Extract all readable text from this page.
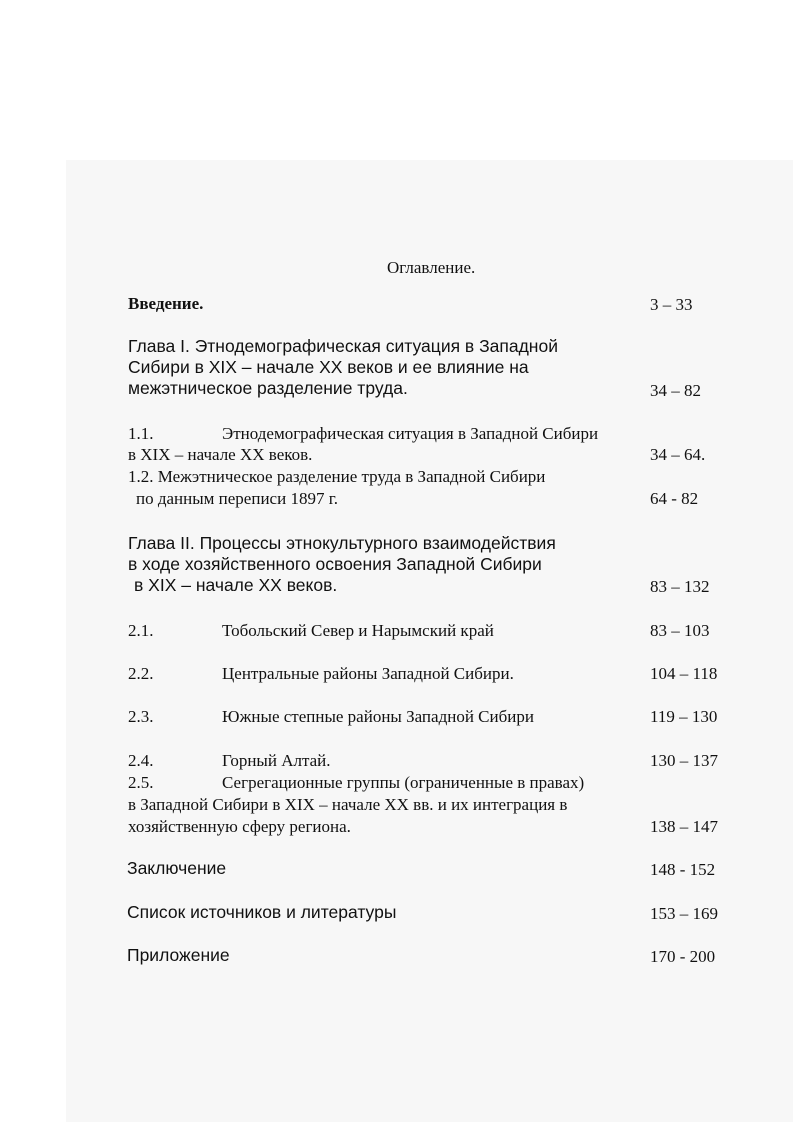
Оглавление.
Введение.	3 – 33
Глава I. Этнодемографическая ситуация в Западной
Сибири в XIX – начале XX веков и ее влияние на
межэтническое разделение труда.	34 – 82
1.1.	Этнодемографическая ситуация в Западной Сибири
в XIX – начале XX веков.	34 – 64.
1.2. Межэтническое разделение труда в Западной Сибири
по данным переписи 1897 г.	64 - 82
Глава II. Процессы этнокультурного взаимодействия
в ходе хозяйственного освоения Западной Сибири
в XIX – начале XX веков.	83 – 132
2.1.	Тобольский Север и Нарымский край	83 – 103
2.2.	Центральные районы Западной Сибири.	104 – 118
2.3.	Южные степные районы Западной Сибири	119 – 130
2.4.	Горный Алтай.	130 – 137
2.5.	Сегрегационные группы (ограниченные в правах)
в Западной Сибири в XIX – начале XX вв. и их интеграция в
хозяйственную сферу региона.	138 – 147
Заключение	148 - 152
Список источников и литературы	153 – 169
Приложение	170 - 200
